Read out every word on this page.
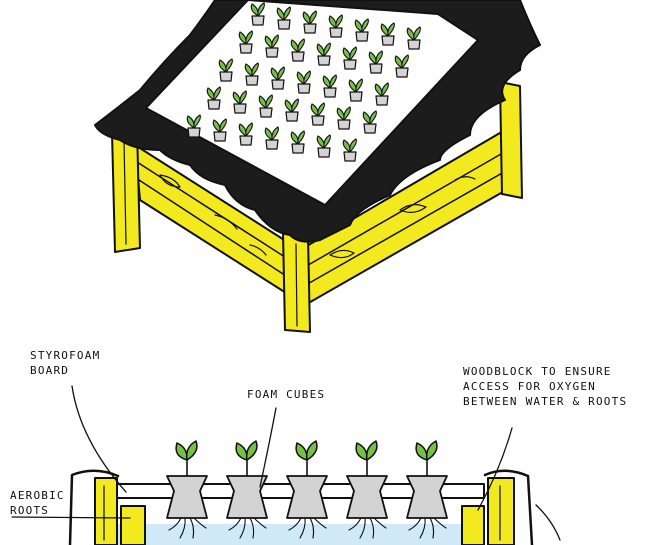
STYROFOAM
BOARD
FOAM CUBES
WOODBLOCK TO ENSURE
ACCESS FOR OXYGEN
BETWEEN WATER & ROOTS
AEROBIC
ROOTS
